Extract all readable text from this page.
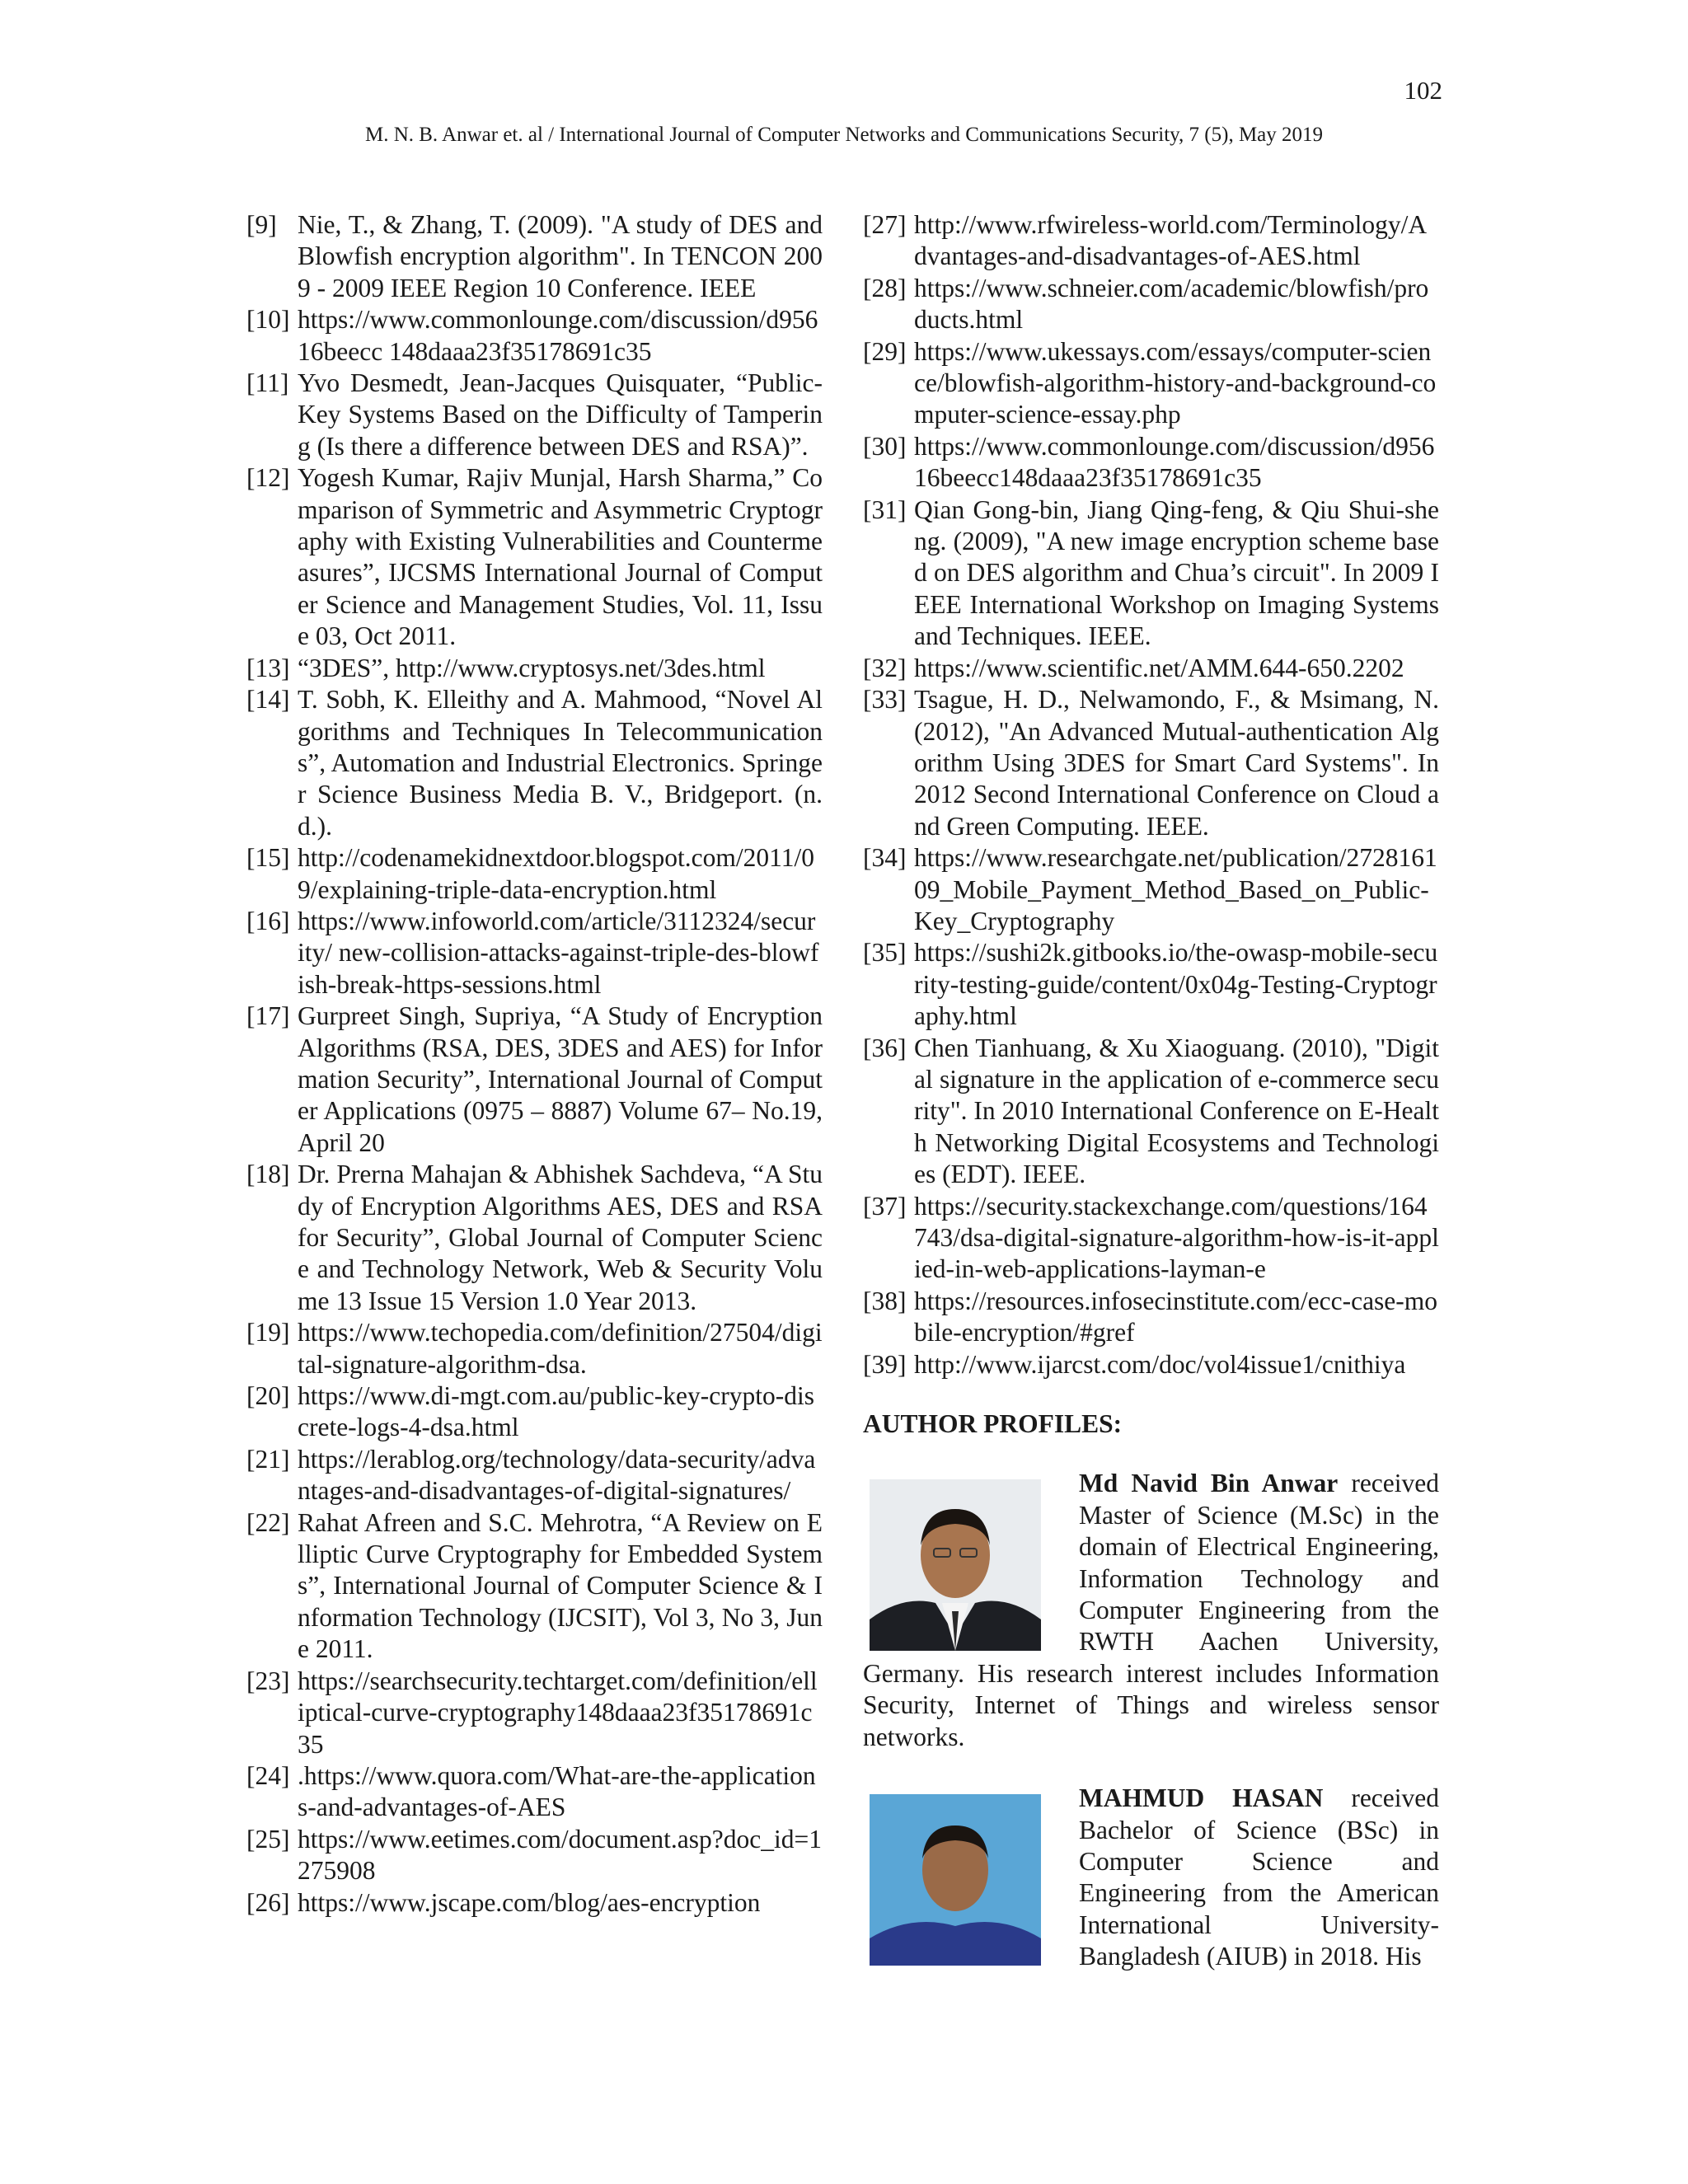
102
M. N. B. Anwar et. al / International Journal of Computer Networks and Communications Security, 7 (5), May 2019
[9] Nie, T., & Zhang, T. (2009). "A study of DES and Blowfish encryption algorithm". In TENCON 2009 - 2009 IEEE Region 10 Conference. IEEE
[10] https://www.commonlounge.com/discussion/d95616beecc 148daaa23f35178691c35
[11] Yvo Desmedt, Jean-Jacques Quisquater, “Public-Key Systems Based on the Difficulty of Tampering (Is there a difference between DES and RSA)”.
[12] Yogesh Kumar, Rajiv Munjal, Harsh Sharma,” Comparison of Symmetric and Asymmetric Cryptography with Existing Vulnerabilities and Countermeasures”, IJCSMS International Journal of Computer Science and Management Studies, Vol. 11, Issue 03, Oct 2011.
[13] “3DES”, http://www.cryptosys.net/3des.html
[14] T. Sobh, K. Elleithy and A. Mahmood, “Novel Algorithms and Techniques In Telecommunications”, Automation and Industrial Electronics. Springer Science Business Media B. V., Bridgeport. (n.d.).
[15] http://codenamekidnextdoor.blogspot.com/2011/09/explaining-triple-data-encryption.html
[16] https://www.infoworld.com/article/3112324/security/ new-collision-attacks-against-triple-des-blowfish-break-https-sessions.html
[17] Gurpreet Singh, Supriya, “A Study of Encryption Algorithms (RSA, DES, 3DES and AES) for Information Security”, International Journal of Computer Applications (0975 – 8887) Volume 67– No.19, April 20
[18] Dr. Prerna Mahajan & Abhishek Sachdeva, “A Study of Encryption Algorithms AES, DES and RSA for Security”, Global Journal of Computer Science and Technology Network, Web & Security Volume 13 Issue 15 Version 1.0 Year 2013.
[19] https://www.techopedia.com/definition/27504/digital-signature-algorithm-dsa.
[20] https://www.di-mgt.com.au/public-key-crypto-discrete-logs-4-dsa.html
[21] https://lerablog.org/technology/data-security/advantages-and-disadvantages-of-digital-signatures/
[22] Rahat Afreen and S.C. Mehrotra, “A Review on Elliptic Curve Cryptography for Embedded Systems”, International Journal of Computer Science & Information Technology (IJCSIT), Vol 3, No 3, June 2011.
[23] https://searchsecurity.techtarget.com/definition/elliptical-curve-cryptography148daaa23f35178691c35
[24] .https://www.quora.com/What-are-the-applications-and-advantages-of-AES
[25] https://www.eetimes.com/document.asp?doc_id=1275908
[26] https://www.jscape.com/blog/aes-encryption
[27] http://www.rfwireless-world.com/Terminology/Advantages-and-disadvantages-of-AES.html
[28] https://www.schneier.com/academic/blowfish/products.html
[29] https://www.ukessays.com/essays/computer-science/blowfish-algorithm-history-and-background-computer-science-essay.php
[30] https://www.commonlounge.com/discussion/d95616beecc148daaa23f35178691c35
[31] Qian Gong-bin, Jiang Qing-feng, & Qiu Shui-sheng. (2009), "A new image encryption scheme based on DES algorithm and Chua’s circuit". In 2009 IEEE International Workshop on Imaging Systems and Techniques. IEEE.
[32] https://www.scientific.net/AMM.644-650.2202
[33] Tsague, H. D., Nelwamondo, F., & Msimang, N. (2012), "An Advanced Mutual-authentication Algorithm Using 3DES for Smart Card Systems". In 2012 Second International Conference on Cloud and Green Computing. IEEE.
[34] https://www.researchgate.net/publication/272816109_Mobile_Payment_Method_Based_on_Public-Key_Cryptography
[35] https://sushi2k.gitbooks.io/the-owasp-mobile-security-testing-guide/content/0x04g-Testing-Cryptography.html
[36] Chen Tianhuang, & Xu Xiaoguang. (2010), "Digital signature in the application of e-commerce security". In 2010 International Conference on E-Health Networking Digital Ecosystems and Technologies (EDT). IEEE.
[37] https://security.stackexchange.com/questions/164743/dsa-digital-signature-algorithm-how-is-it-applied-in-web-applications-layman-e
[38] https://resources.infosecinstitute.com/ecc-case-mobile-encryption/#gref
[39] http://www.ijarcst.com/doc/vol4issue1/cnithiya
AUTHOR PROFILES:
Md Navid Bin Anwar received Master of Science (M.Sc) in the domain of Electrical Engineering, Information Technology and Computer Engineering from the RWTH Aachen University, Germany. His research interest includes Information Security, Internet of Things and wireless sensor networks.
MAHMUD HASAN received Bachelor of Science (BSc) in Computer Science and Engineering from the American International University-Bangladesh (AIUB) in 2018. His
